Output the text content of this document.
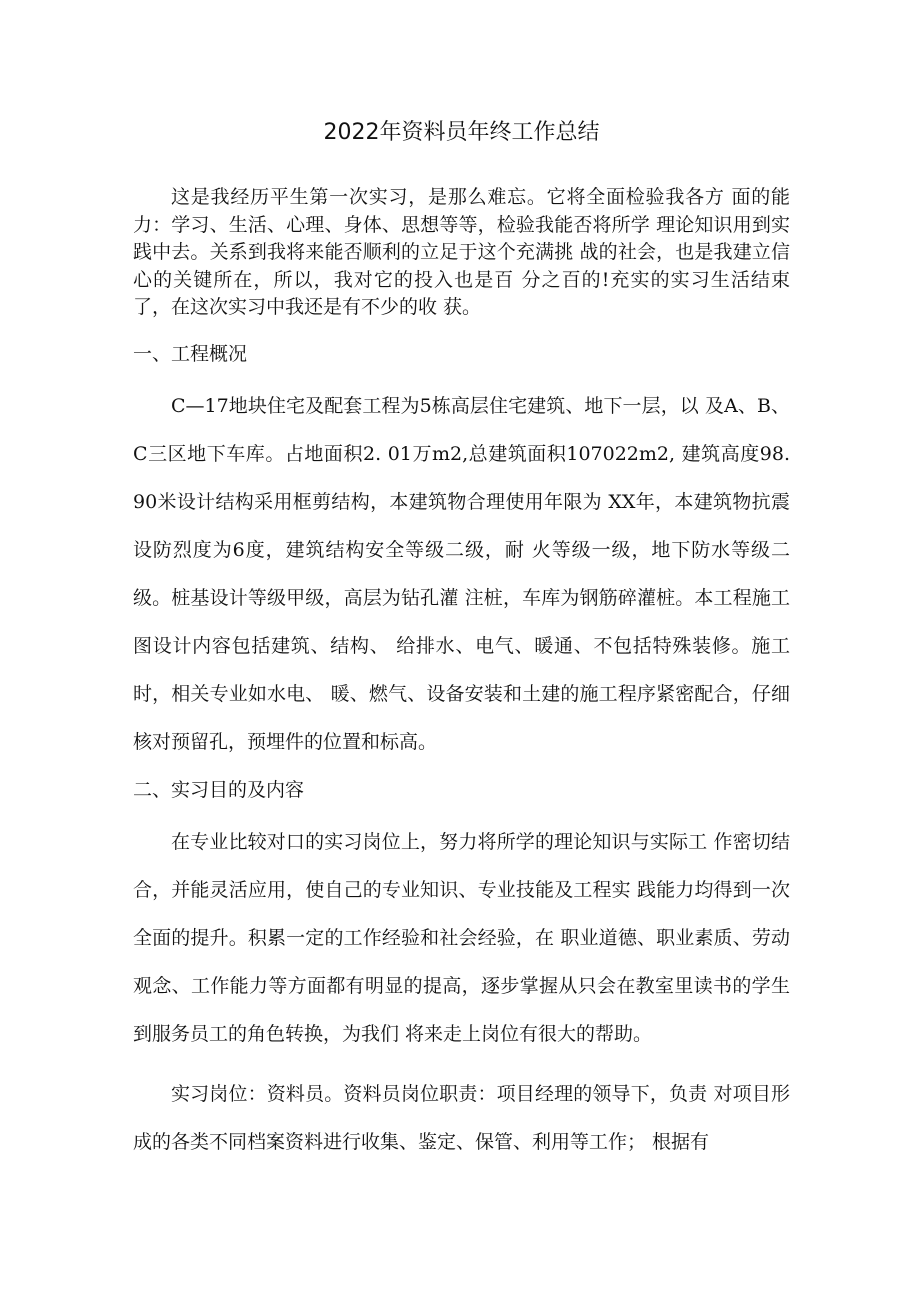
2022年资料员年终工作总结

这是我经历平生第一次实习，是那么难忘。它将全面检验我各方 面的能力：学习、生活、心理、身体、思想等等，检验我能否将所学 理论知识用到实践中去。关系到我将来能否顺利的立足于这个充满挑 战的社会，也是我建立信心的关键所在，所以，我对它的投入也是百 分之百的!充实的实习生活结束了，在这次实习中我还是有不少的收 获。

一、工程概况

C—17地块住宅及配套工程为5栋高层住宅建筑、地下一层，以 及A、B、C三区地下车库。占地面积2. 01万m2,总建筑面积107022m2, 建筑高度98. 90米设计结构采用框剪结构，本建筑物合理使用年限为 XX年，本建筑物抗震设防烈度为6度，建筑结构安全等级二级，耐 火等级一级，地下防水等级二级。桩基设计等级甲级，高层为钻孔灌 注桩，车库为钢筋碎灌桩。本工程施工图设计内容包括建筑、结构、 给排水、电气、暖通、不包括特殊装修。施工时，相关专业如水电、 暖、燃气、设备安装和土建的施工程序紧密配合，仔细核对预留孔，预埋件的位置和标高。

二、实习目的及内容

在专业比较对口的实习岗位上，努力将所学的理论知识与实际工 作密切结合，并能灵活应用，使自己的专业知识、专业技能及工程实 践能力均得到一次全面的提升。积累一定的工作经验和社会经验，在 职业道德、职业素质、劳动观念、工作能力等方面都有明显的提高，逐步掌握从只会在教室里读书的学生到服务员工的角色转换，为我们 将来走上岗位有很大的帮助。

实习岗位：资料员。资料员岗位职责：项目经理的领导下，负责 对项目形成的各类不同档案资料进行收集、鉴定、保管、利用等工作； 根据有
